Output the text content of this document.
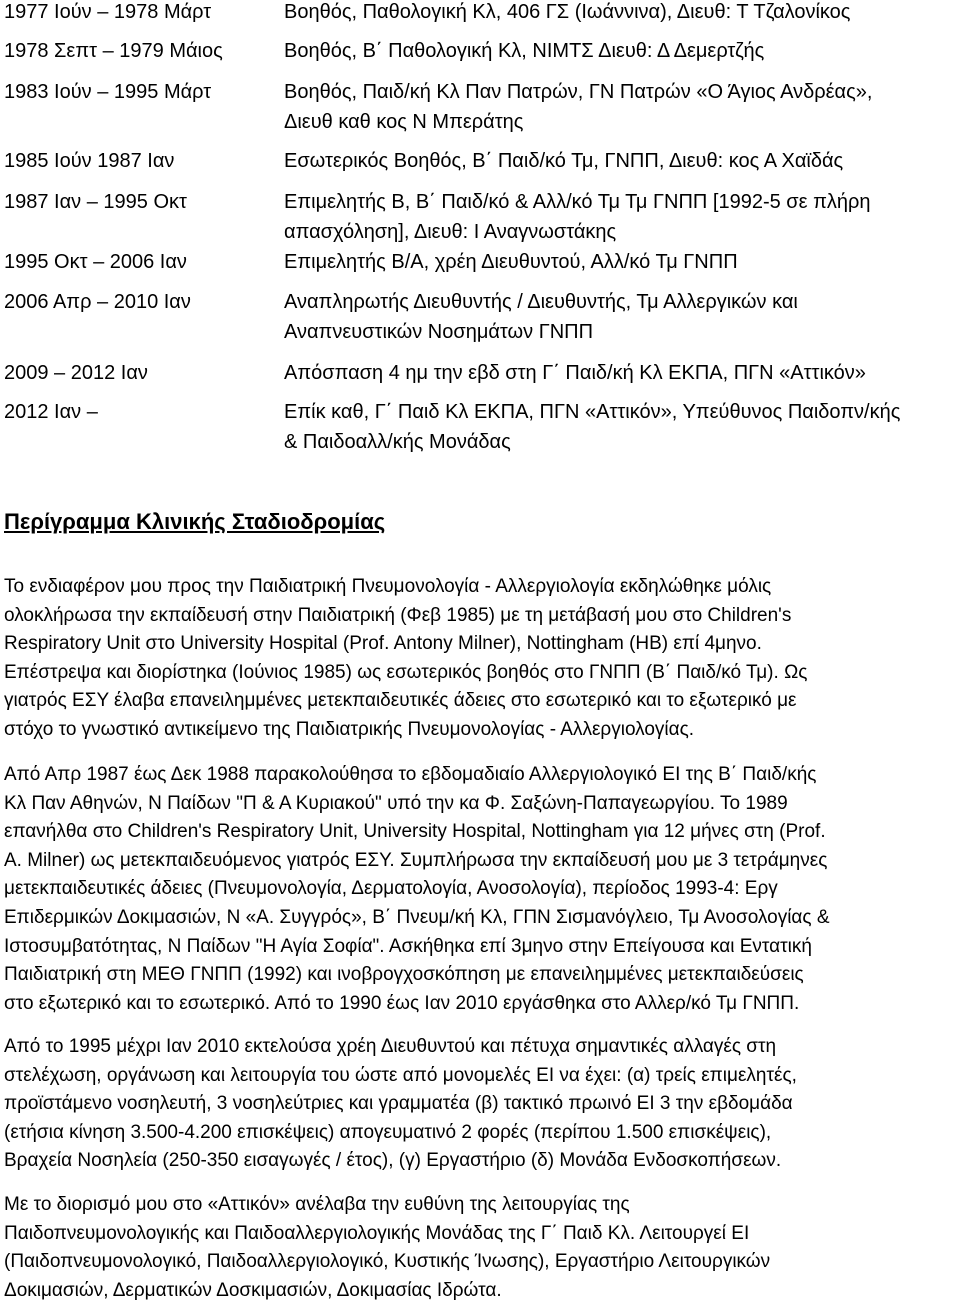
1977 Ιούν – 1978 Μάρτ	Βοηθός, Παθολογική Κλ, 406 ΓΣ (Ιωάννινα), Διευθ: Τ Τζαλονίκος
1978 Σεπτ – 1979 Μάιος	Βοηθός, Β΄ Παθολογική Κλ, ΝΙΜΤΣ Διευθ: Δ Δεμερτζής
1983 Ιούν – 1995 Μάρτ	Βοηθός, Παιδ/κή Κλ Παν Πατρών, ΓΝ Πατρών «Ο Άγιος Ανδρέας»,
Διευθ καθ κος Ν Μπεράτης
1985 Ιούν 1987 Ιαν	Εσωτερικός Βοηθός, Β΄ Παιδ/κό Τμ, ΓΝΠΠ, Διευθ: κος Α Χαϊδάς
1987 Ιαν – 1995 Οκτ	Επιμελητής Β, Β΄ Παιδ/κό & Αλλ/κό Τμ Τμ ΓΝΠΠ [1992-5 σε πλήρη
απασχόληση], Διευθ: Ι Αναγνωστάκης
1995 Οκτ – 2006 Ιαν	Επιμελητής Β/Α, χρέη Διευθυντού, Αλλ/κό Τμ ΓΝΠΠ
2006 Απρ – 2010 Ιαν	Αναπληρωτής Διευθυντής / Διευθυντής, Τμ Αλλεργικών και
Αναπνευστικών Νοσημάτων ΓΝΠΠ
2009 – 2012 Ιαν	Απόσπαση 4 ημ την εβδ στη Γ΄ Παιδ/κή Κλ ΕΚΠΑ, ΠΓΝ «Αττικόν»
2012 Ιαν –	Επίκ καθ, Γ΄ Παιδ Κλ ΕΚΠΑ, ΠΓΝ «Αττικόν», Υπεύθυνος Παιδοπν/κής
& Παιδοαλλ/κής Μονάδας
Περίγραμμα Κλινικής Σταδιοδρομίας
Το ενδιαφέρον μου προς την Παιδιατρική Πνευμονολογία - Αλλεργιολογία εκδηλώθηκε μόλις
ολοκλήρωσα την εκπαίδευσή στην Παιδιατρική (Φεβ 1985) με τη μετάβασή μου στο Children's
Respiratory Unit στο University Hospital (Prof. Antony Milner), Nottingham (ΗΒ) επί 4μηνο.
Επέστρεψα και διορίστηκα (Ιούνιος 1985) ως εσωτερικός βοηθός στο ΓΝΠΠ (Β΄ Παιδ/κό Τμ). Ως
γιατρός ΕΣΥ έλαβα επανειλημμένες μετεκπαιδευτικές άδειες στο εσωτερικό και το εξωτερικό με
στόχο το γνωστικό αντικείμενο της Παιδιατρικής Πνευμονολογίας - Αλλεργιολογίας.
Από Απρ 1987 έως Δεκ 1988 παρακολούθησα το εβδομαδιαίο Αλλεργιολογικό ΕΙ της Β΄ Παιδ/κής
Κλ Παν Αθηνών, Ν Παίδων "Π & Α Κυριακού" υπό την κα Φ. Σαξώνη-Παπαγεωργίου. Το 1989
επανήλθα στο Children's Respiratory Unit, University Hospital, Nottingham για 12 μήνες στη (Prof.
A. Milner) ως μετεκπαιδευόμενος γιατρός ΕΣΥ. Συμπλήρωσα την εκπαίδευσή μου με 3 τετράμηνες
μετεκπαιδευτικές άδειες (Πνευμονολογία, Δερματολογία, Ανοσολογία), περίοδος 1993-4: Εργ
Επιδερμικών Δοκιμασιών, Ν «Α. Συγγρός», Β΄ Πνευμ/κή Κλ, ΓΠΝ Σισμανόγλειο, Τμ Ανοσολογίας &
Ιστοσυμβατότητας, Ν Παίδων "Η Αγία Σοφία". Ασκήθηκα επί 3μηνο στην Επείγουσα και Εντατική
Παιδιατρική στη ΜΕΘ ΓΝΠΠ (1992) και ινοβρογχοσκόπηση με επανειλημμένες μετεκπαιδεύσεις
στο εξωτερικό και το εσωτερικό. Από το 1990 έως Ιαν 2010 εργάσθηκα στο Αλλερ/κό Τμ ΓΝΠΠ.
Από το 1995 μέχρι Ιαν 2010 εκτελούσα χρέη Διευθυντού και πέτυχα σημαντικές αλλαγές στη
στελέχωση, οργάνωση και λειτουργία του ώστε από μονομελές ΕΙ να έχει: (α) τρείς επιμελητές,
προϊστάμενο νοσηλευτή, 3 νοσηλεύτριες και γραμματέα (β) τακτικό πρωινό ΕΙ 3 την εβδομάδα
(ετήσια κίνηση 3.500-4.200 επισκέψεις) απογευματινό 2 φορές (περίπου 1.500 επισκέψεις),
Βραχεία Νοσηλεία (250-350 εισαγωγές / έτος), (γ) Εργαστήριο (δ) Μονάδα Ενδοσκοπήσεων.
Με το διορισμό μου στο «Αττικόν» ανέλαβα την ευθύνη της λειτουργίας της
Παιδοπνευμονολογικής και Παιδοαλλεργιολογικής Μονάδας της Γ΄ Παιδ Κλ. Λειτουργεί ΕΙ
(Παιδοπνευμονολογικό, Παιδοαλλεργιολογικό, Κυστικής Ίνωσης), Εργαστήριο Λειτουργικών
Δοκιμασιών, Δερματικών Δοσκιμασιών, Δοκιμασίας Ιδρώτα.
